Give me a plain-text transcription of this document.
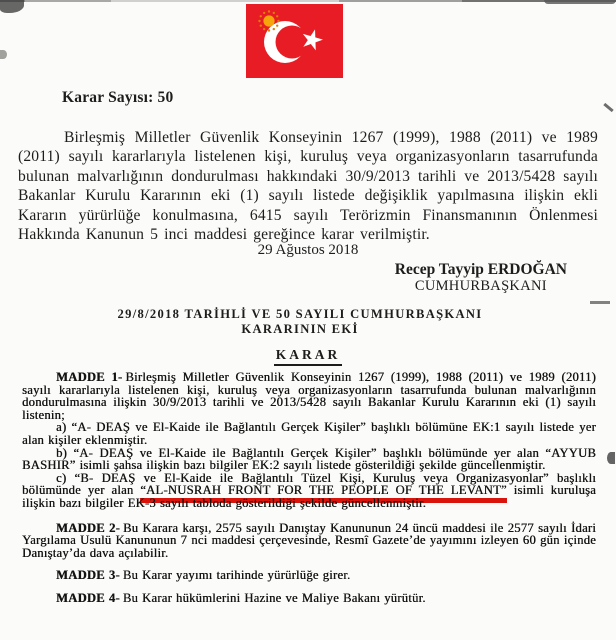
Karar Sayısı: 50

Birleşmiş Milletler Güvenlik Konseyinin 1267 (1999), 1988 (2011) ve 1989 (2011) sayılı kararlarıyla listelenen kişi, kuruluş veya organizasyonların tasarrufunda bulunan malvarlığının dondurulması hakkındaki 30/9/2013 tarihli ve 2013/5428 sayılı Bakanlar Kurulu Kararının eki (1) sayılı listede değişiklik yapılmasına ilişkin ekli Kararın yürürlüğe konulmasına, 6415 sayılı Terörizmin Finansmanının Önlenmesi Hakkında Kanunun 5 inci maddesi gereğince karar verilmiştir.

29 Ağustos 2018
Recep Tayyip ERDOĞAN
CUMHURBAŞKANI
29/8/2018 TARİHLİ VE 50 SAYILI CUMHURBAŞKANI
KARARININ EKİ
KARAR

MADDE 1- Birleşmiş Milletler Güvenlik Konseyinin 1267 (1999), 1988 (2011) ve 1989 (2011) sayılı kararlarıyla listelenen kişi, kuruluş veya organizasyonların tasarrufunda bulunan malvarlığının dondurulmasına ilişkin 30/9/2013 tarihli ve 2013/5428 sayılı Bakanlar Kurulu Kararının eki (1) sayılı listenin;

a) “A- DEAŞ ve El-Kaide ile Bağlantılı Gerçek Kişiler” başlıklı bölümüne EK:1 sayılı listede yer alan kişiler eklenmiştir.

b) “A- DEAŞ ve El-Kaide ile Bağlantılı Gerçek Kişiler” başlıklı bölümünde yer alan “AYYUB BASHIR” isimli şahsa ilişkin bazı bilgiler EK:2 sayılı listede gösterildiği şekilde güncellenmiştir.

c) “B- DEAŞ ve El-Kaide ile Bağlantılı Tüzel Kişi, Kuruluş veya Organizasyonlar” başlıklı bölümünde yer alan “AL-NUSRAH FRONT FOR THE PEOPLE OF THE LEVANT” isimli kuruluşa ilişkin bazı bilgiler EK-3 sayılı tabloda gösterildiği şekilde güncellenmiştir.

MADDE 2- Bu Karara karşı, 2575 sayılı Danıştay Kanununun 24 üncü maddesi ile 2577 sayılı İdari Yargılama Usulü Kanununun 7 nci maddesi çerçevesinde, Resmî Gazete’de yayımını izleyen 60 gün içinde Danıştay’da dava açılabilir.

MADDE 3- Bu Karar yayımı tarihinde yürürlüğe girer.

MADDE 4- Bu Karar hükümlerini Hazine ve Maliye Bakanı yürütür.
